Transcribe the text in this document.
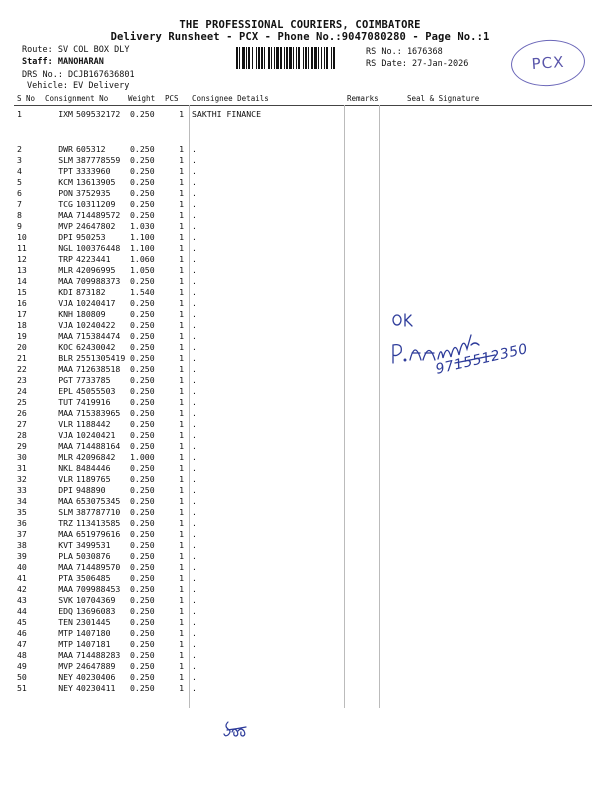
THE PROFESSIONAL COURIERS, COIMBATORE
Delivery Runsheet - PCX - Phone No.:9047080280 - Page No.:1
Route: SV COL BOX DLY
Staff: MANOHARAN
DRS No.: DCJB167636801
Vehicle: EV Delivery
RS No.: 1676368
RS Date: 27-Jan-2026	PCX
S No Consignment No	Weight PCS Consignee Details	Remarks	Seal & Signature
1	IXM 509532172 0.250	1 SAKTHI FINANCE
2	DWR 605312	0.250	1 .
3	SLM 387778559 0.250	1 .
4	TPT 3333960 0.250	1 .
5	KCM 13613905 0.250	1 .
6	PON 3752935 0.250	1 .
7	TCG 10311209 0.250	1 .
8	MAA 714489572 0.250	1 .
9	MVP 24647802 1.030	1 .
10	DPI 950253	1.100	1 .
11	NGL 100376448 1.100	1 .
12	TRP 4223441 1.060	1 .
13	MLR 42096995 1.050	1 .
14	MAA 709988373 0.250	1 .
15	KDI 873182	1.540	1 .
16	VJA 10240417 0.250	1 .
17	KNH 180809	0.250	1 .
18	VJA 10240422 0.250	1 .
19	MAA 715384474 0.250	1 .
20	KOC 62430042 0.250	1 .
21	BLR 2551305419 0.250	1 .
22	MAA 712638518 0.250	1 .
23	PGT 7733785 0.250	1 .
24	EPL 45055503 0.250	1 .
25	TUT 7419916 0.250	1 .
26	MAA 715383965 0.250	1 .
27	VLR 1188442 0.250	1 .
28	VJA 10240421 0.250	1 .
29	MAA 714488164 0.250	1 .
30	MLR 42096842 1.000	1 .
31	NKL 8484446 0.250	1 .
32	VLR 1189765 0.250	1 .
33	DPI 948890	0.250	1 .
34	MAA 653075345 0.250	1 .
35	SLM 387787710 0.250	1 .
36	TRZ 113413585 0.250	1 .
37	MAA 651979616 0.250	1 .
38	KVT 3499531 0.250	1 .
39	PLA 5030876 0.250	1 .
40	MAA 714489570 0.250	1 .
41	PTA 3506485 0.250	1 .
42	MAA 709988453 0.250	1 .
43	SVK 10704369 0.250	1 .
44	EDQ 13696083 0.250	1 .
45	TEN 2301445 0.250	1 .
46	MTP 1407180 0.250	1 .
47	MTP 1407181 0.250	1 .
48	MAA 714488283 0.250	1 .
49	MVP 24647889 0.250	1 .
50	NEY 40230406 0.250	1 .
51	NEY 40230411 0.250	1 .
9715512350
